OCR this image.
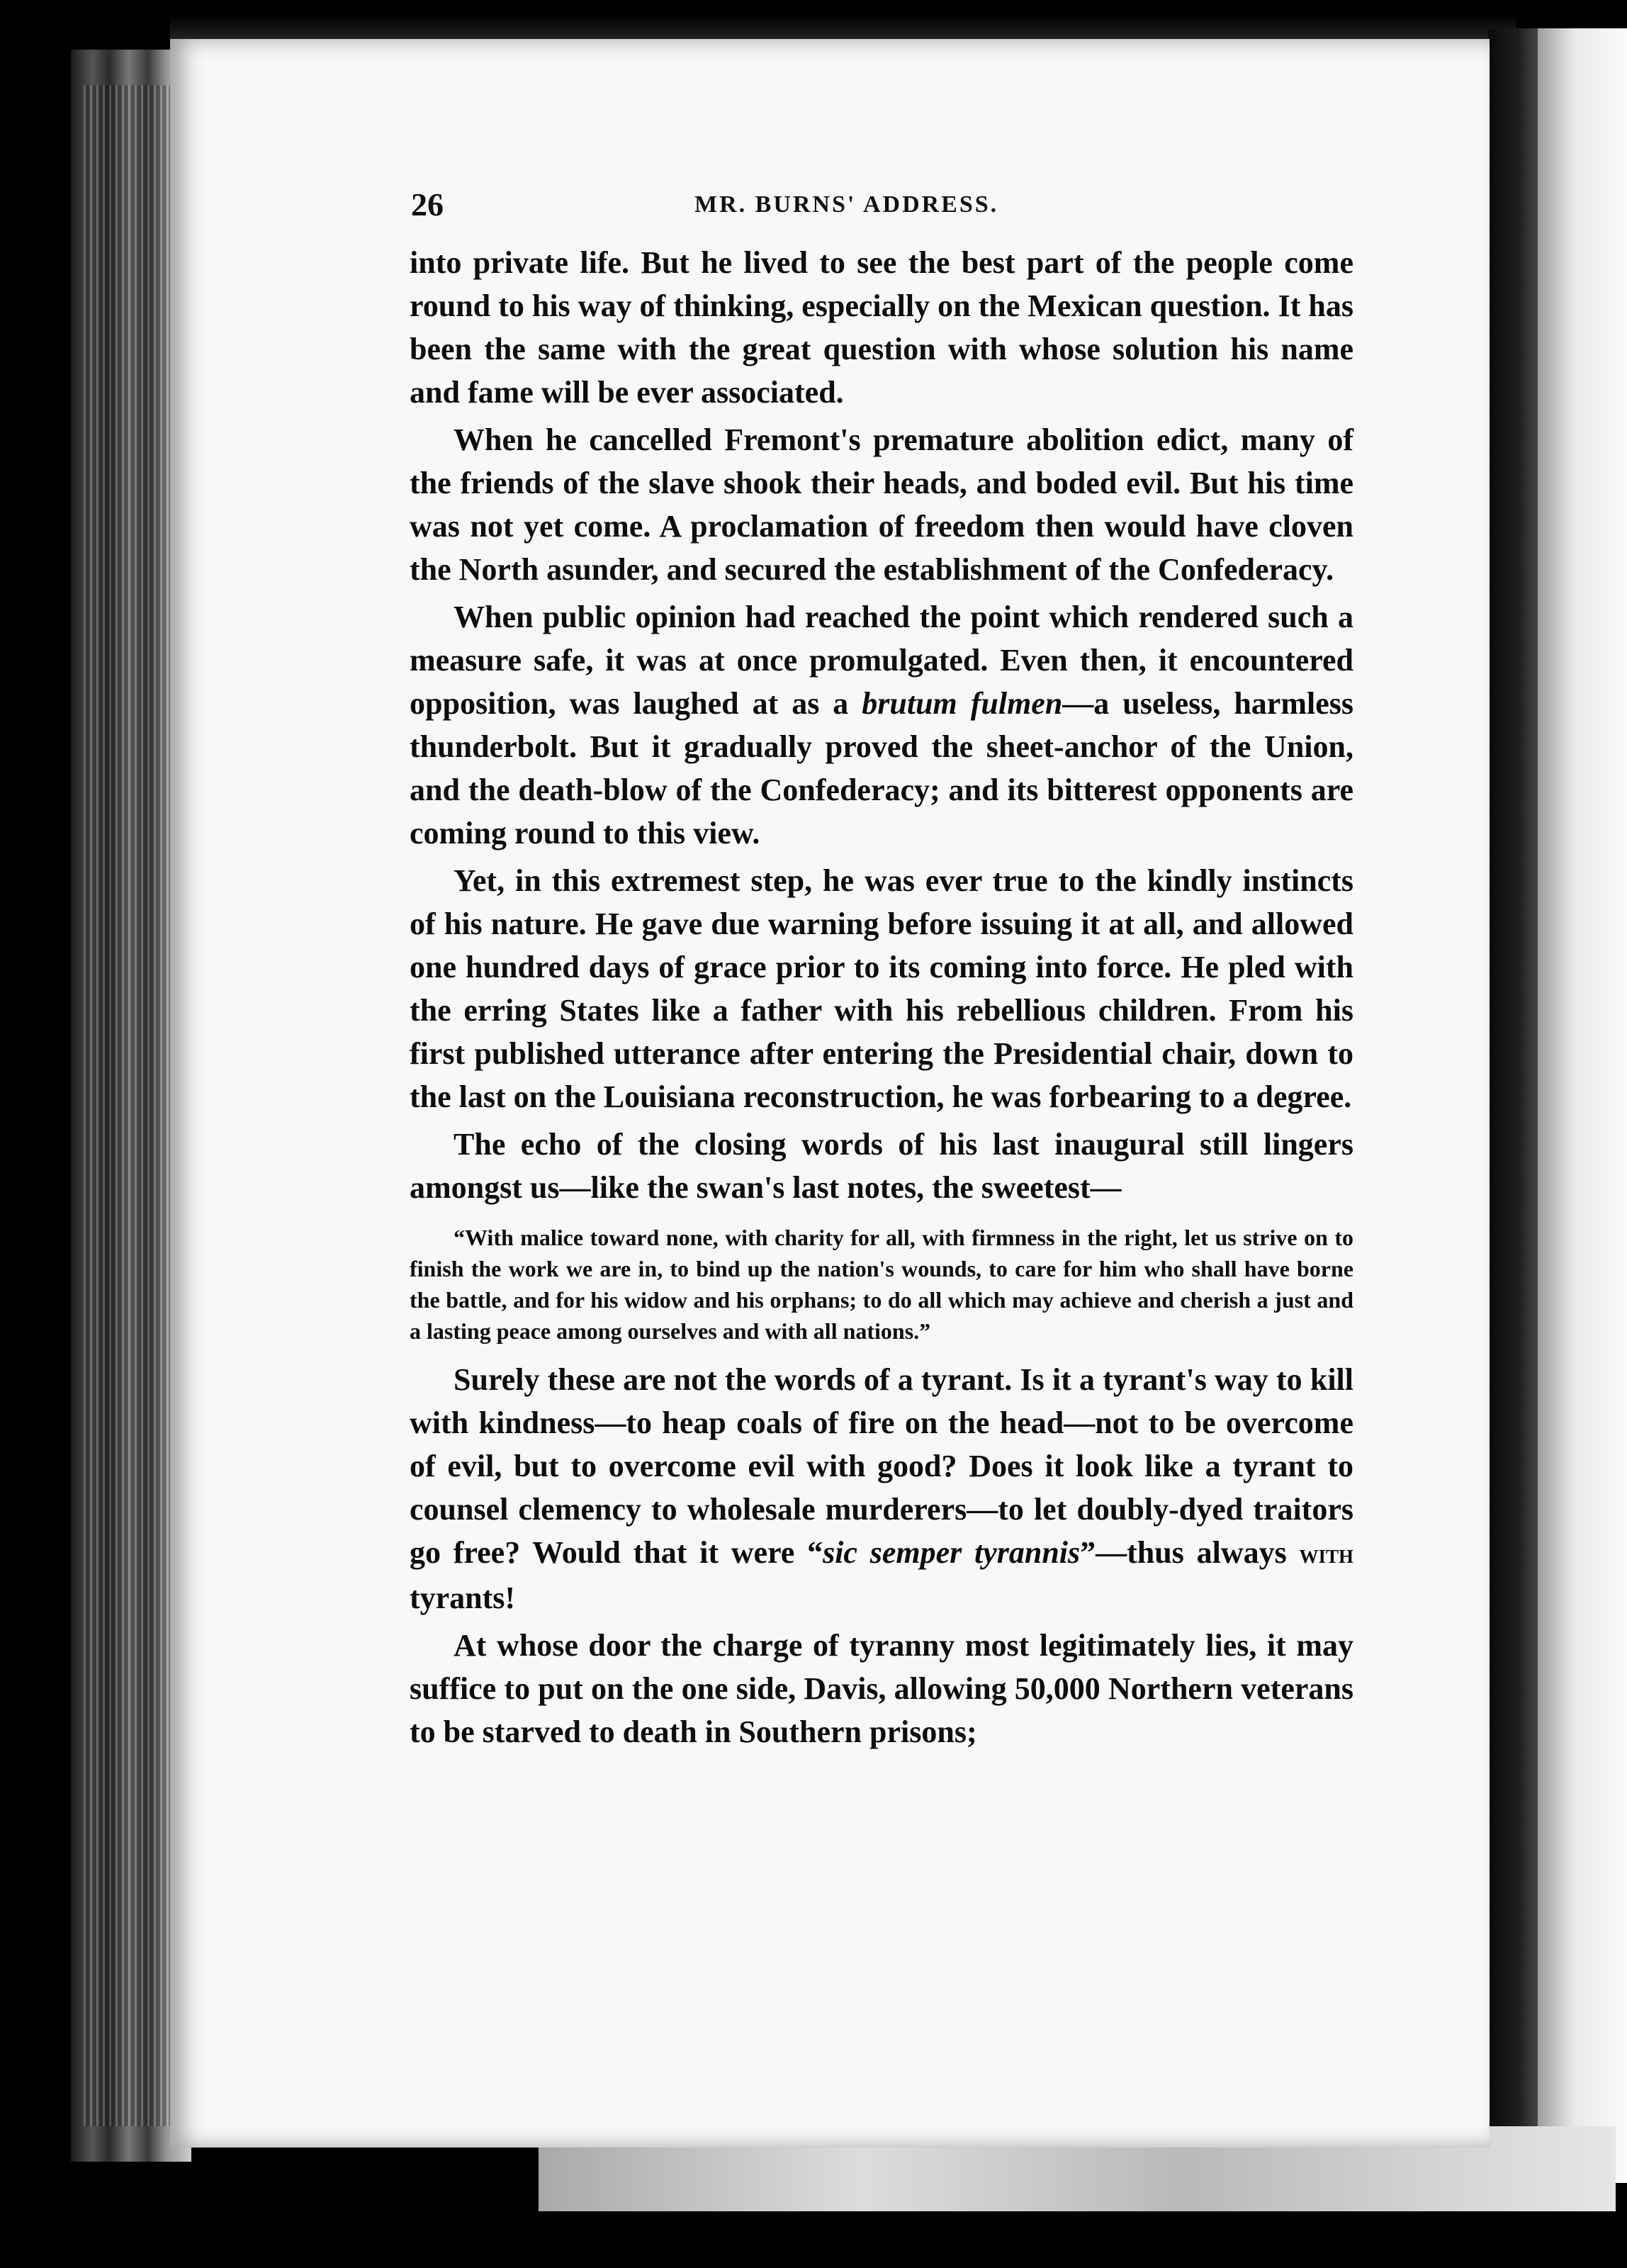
26	MR. BURNS' ADDRESS.

into private life. But he lived to see the best part of the people come round to his way of thinking, especially on the Mexican question. It has been the same with the great question with whose solution his name and fame will be ever associated.

When he cancelled Fremont's premature abolition edict, many of the friends of the slave shook their heads, and boded evil. But his time was not yet come. A proclamation of freedom then would have cloven the North asunder, and secured the establishment of the Confederacy.

When public opinion had reached the point which rendered such a measure safe, it was at once promulgated. Even then, it encountered opposition, was laughed at as a brutum fulmen—a useless, harmless thunderbolt. But it gradually proved the sheet-anchor of the Union, and the death-blow of the Confederacy; and its bitterest opponents are coming round to this view.

Yet, in this extremest step, he was ever true to the kindly instincts of his nature. He gave due warning before issuing it at all, and allowed one hundred days of grace prior to its coming into force. He pled with the erring States like a father with his rebellious children. From his first published utterance after entering the Presidential chair, down to the last on the Louisiana reconstruction, he was forbearing to a degree.

The echo of the closing words of his last inaugural still lingers amongst us—like the swan's last notes, the sweetest—

“With malice toward none, with charity for all, with firmness in the right, let us strive on to finish the work we are in, to bind up the nation's wounds, to care for him who shall have borne the battle, and for his widow and his orphans; to do all which may achieve and cherish a just and a lasting peace among ourselves and with all nations.”

Surely these are not the words of a tyrant. Is it a tyrant's way to kill with kindness—to heap coals of fire on the head—not to be overcome of evil, but to overcome evil with good? Does it look like a tyrant to counsel clemency to wholesale murderers—to let doubly-dyed traitors go free? Would that it were “sic semper tyrannis”—thus always with tyrants!

At whose door the charge of tyranny most legitimately lies, it may suffice to put on the one side, Davis, allowing 50,000 Northern veterans to be starved to death in Southern prisons;
